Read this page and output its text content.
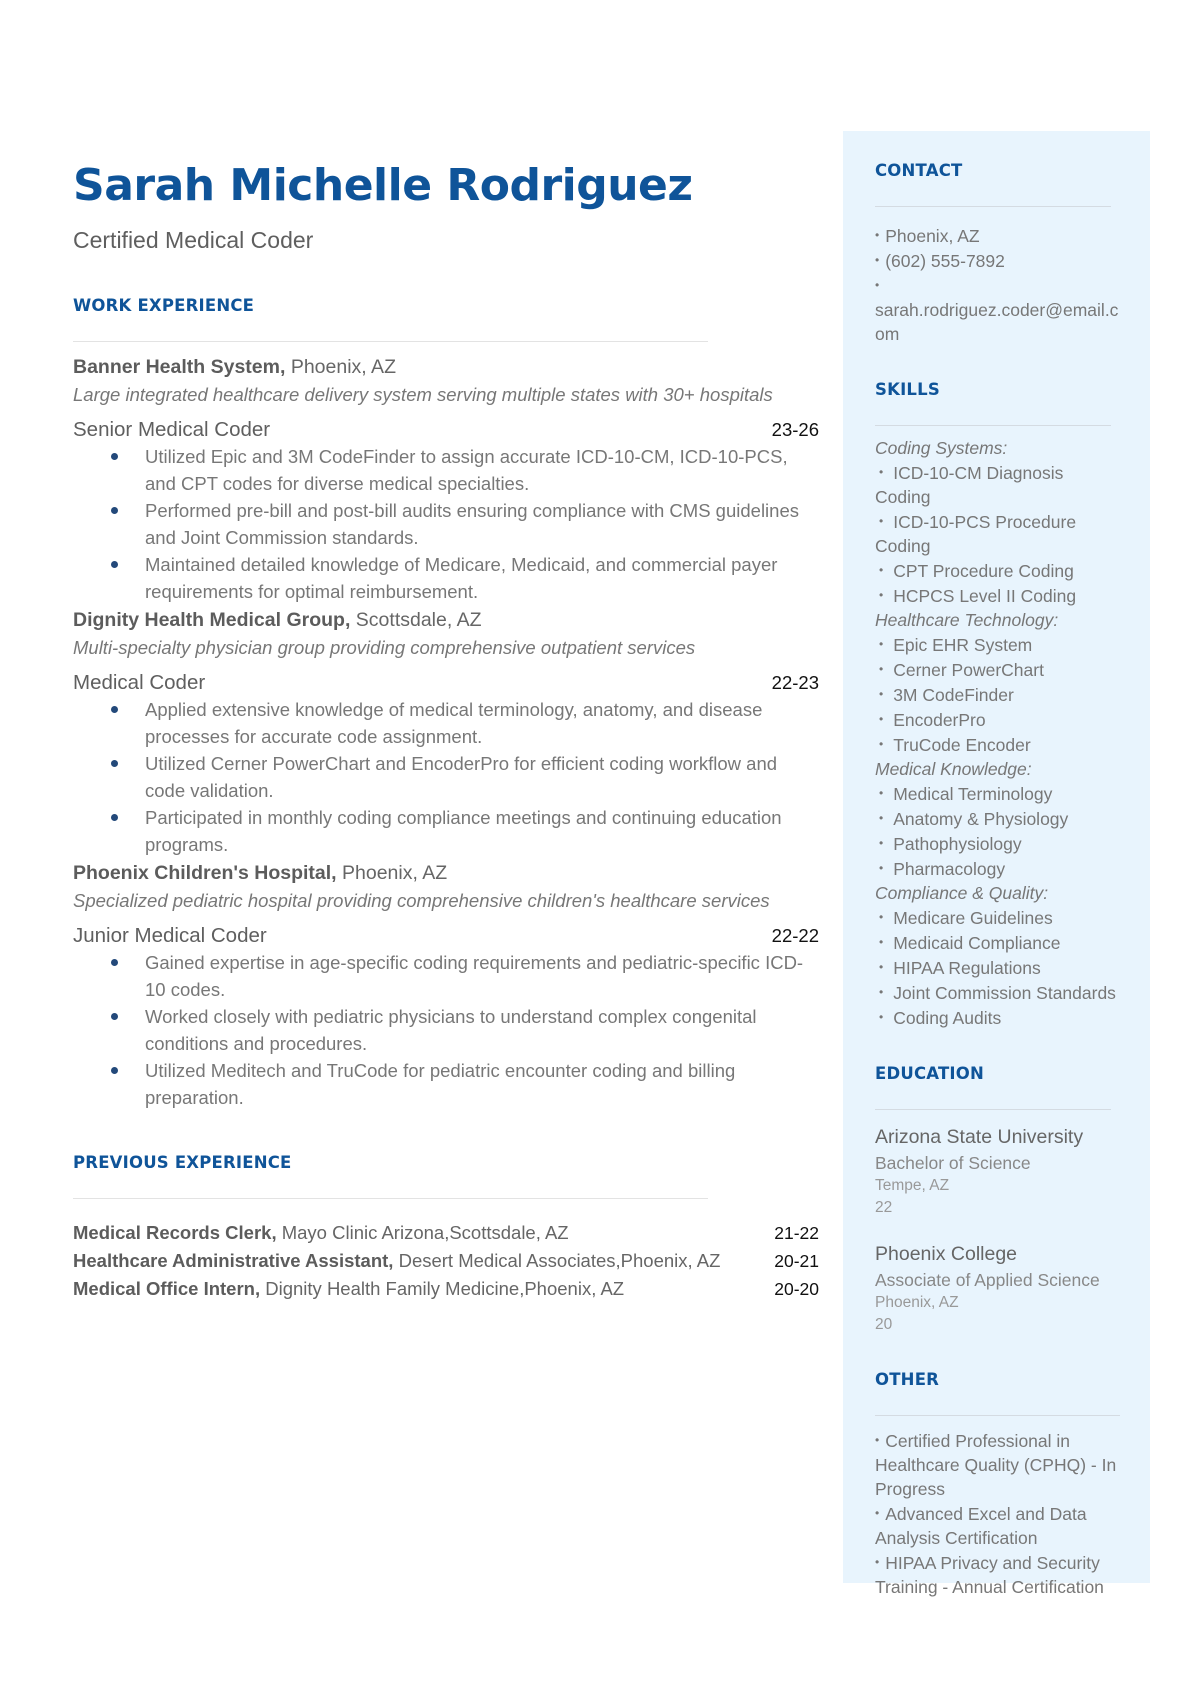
Sarah Michelle Rodriguez
Certified Medical Coder
WORK EXPERIENCE
Banner Health System, Phoenix, AZ
Large integrated healthcare delivery system serving multiple states with 30+ hospitals
Senior Medical Coder	23-26
Utilized Epic and 3M CodeFinder to assign accurate ICD-10-CM, ICD-10-PCS, and CPT codes for diverse medical specialties.
Performed pre-bill and post-bill audits ensuring compliance with CMS guidelines and Joint Commission standards.
Maintained detailed knowledge of Medicare, Medicaid, and commercial payer requirements for optimal reimbursement.
Dignity Health Medical Group, Scottsdale, AZ
Multi-specialty physician group providing comprehensive outpatient services
Medical Coder	22-23
Applied extensive knowledge of medical terminology, anatomy, and disease processes for accurate code assignment.
Utilized Cerner PowerChart and EncoderPro for efficient coding workflow and code validation.
Participated in monthly coding compliance meetings and continuing education programs.
Phoenix Children's Hospital, Phoenix, AZ
Specialized pediatric hospital providing comprehensive children's healthcare services
Junior Medical Coder	22-22
Gained expertise in age-specific coding requirements and pediatric-specific ICD-10 codes.
Worked closely with pediatric physicians to understand complex congenital conditions and procedures.
Utilized Meditech and TruCode for pediatric encounter coding and billing preparation.
PREVIOUS EXPERIENCE
Medical Records Clerk, Mayo Clinic Arizona,Scottsdale, AZ	21-22
Healthcare Administrative Assistant, Desert Medical Associates,Phoenix, AZ	20-21
Medical Office Intern, Dignity Health Family Medicine,Phoenix, AZ	20-20
CONTACT
• Phoenix, AZ
• (602) 555-7892
•
sarah.rodriguez.coder@email.com
SKILLS
Coding Systems:
• ICD-10-CM Diagnosis Coding
• ICD-10-PCS Procedure Coding
• CPT Procedure Coding
• HCPCS Level II Coding
Healthcare Technology:
• Epic EHR System
• Cerner PowerChart
• 3M CodeFinder
• EncoderPro
• TruCode Encoder
Medical Knowledge:
• Medical Terminology
• Anatomy & Physiology
• Pathophysiology
• Pharmacology
Compliance & Quality:
• Medicare Guidelines
• Medicaid Compliance
• HIPAA Regulations
• Joint Commission Standards
• Coding Audits
EDUCATION
Arizona State University
Bachelor of Science
Tempe, AZ
22
Phoenix College
Associate of Applied Science
Phoenix, AZ
20
OTHER
• Certified Professional in Healthcare Quality (CPHQ) - In Progress
• Advanced Excel and Data Analysis Certification
• HIPAA Privacy and Security Training - Annual Certification
